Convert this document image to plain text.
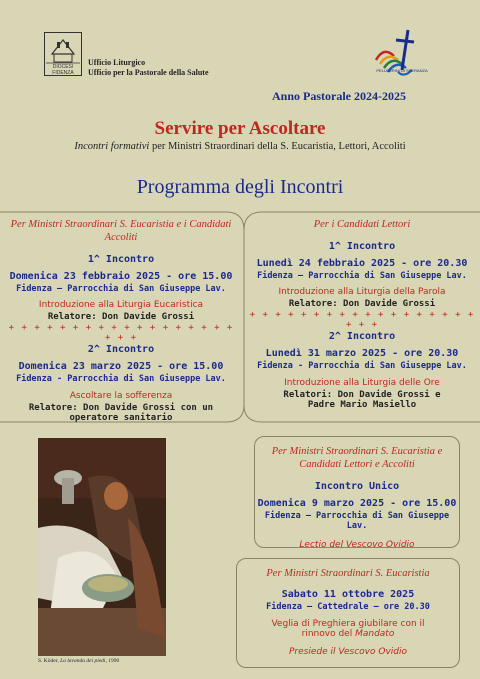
DIOCESI FIDENZA
Ufficio Liturgico
Ufficio per la Pastorale della Salute	PELLEGRINI DI SPERANZA
Anno Pastorale 2024-2025
Servire per Ascoltare
Incontri formativi per Ministri Straordinari della S. Eucaristia, Lettori, Accoliti
Programma degli Incontri
Per Ministri Straordinari S. Eucaristia e i Candidati Accoliti
1^ Incontro
Domenica 23 febbraio 2025 - ore 15.00
Fidenza – Parrocchia di San Giuseppe Lav.
Introduzione alla Liturgia Eucaristica
Relatore: Don Davide Grossi
+ + + + + + + + + + + + + + + + + + + + +
2^ Incontro
Domenica 23 marzo 2025 - ore 15.00
Fidenza - Parrocchia di San Giuseppe Lav.
Ascoltare la sofferenza
Relatore: Don Davide Grossi con un
operatore sanitario
Per i Candidati Lettori
1^ Incontro
Lunedì 24 febbraio 2025 - ore 20.30
Fidenza – Parrocchia di San Giuseppe Lav.
Introduzione alla Liturgia della Parola
Relatore: Don Davide Grossi
+ + + + + + + + + + + + + + + + + + + + +
2^ Incontro
Lunedì 31 marzo 2025 - ore 20.30
Fidenza - Parrocchia di San Giuseppe Lav.
Introduzione alla Liturgia delle Ore
Relatori: Don Davide Grossi e
Padre Mario Masiello
Per Ministri Straordinari S. Eucaristia e
Candidati Lettori e Accoliti
Incontro Unico
Domenica 9 marzo 2025 - ore 15.00
Fidenza – Parrocchia di San Giuseppe Lav.
Lectio del Vescovo Ovidio
Per Ministri Straordinari S. Eucaristia
Sabato 11 ottobre 2025
Fidenza – Cattedrale – ore 20.30
Veglia di Preghiera giubilare con il
rinnovo del Mandato
Presiede il Vescovo Ovidio
S. Köder, La lavanda dei piedi, 1990
